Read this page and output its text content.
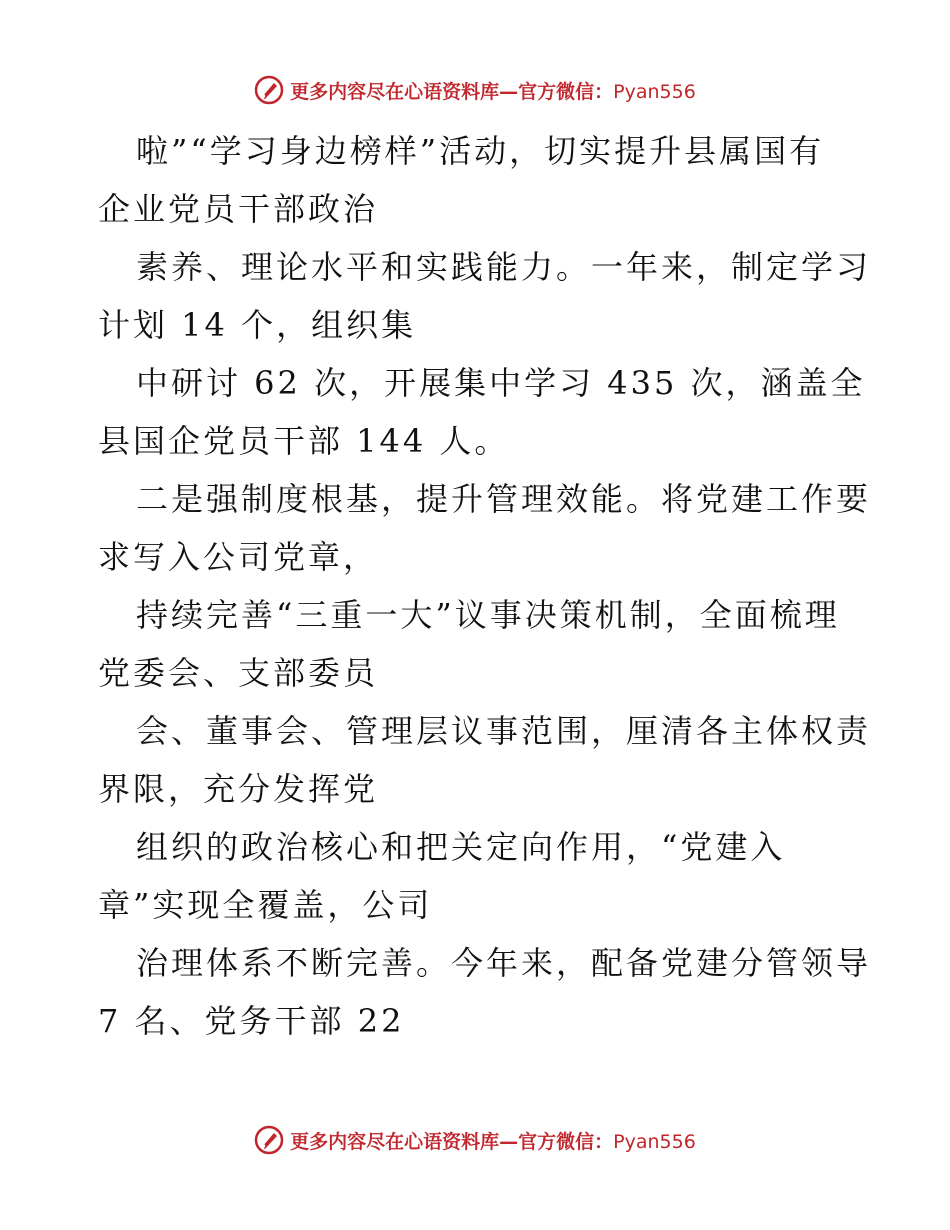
更多内容尽在心语资料库—官方微信：Pyan556
啦”“学习身边榜样”活动，切实提升县属国有
企业党员干部政治
素养、理论水平和实践能力。一年来，制定学习
计划 14 个，组织集
中研讨 62 次，开展集中学习 435 次，涵盖全
县国企党员干部 144 人。
二是强制度根基，提升管理效能。将党建工作要
求写入公司党章，
持续完善“三重一大”议事决策机制，全面梳理
党委会、支部委员
会、董事会、管理层议事范围，厘清各主体权责
界限，充分发挥党
组织的政治核心和把关定向作用，“党建入
章”实现全覆盖，公司
治理体系不断完善。今年来，配备党建分管领导
7 名、党务干部 22
更多内容尽在心语资料库—官方微信：Pyan556
